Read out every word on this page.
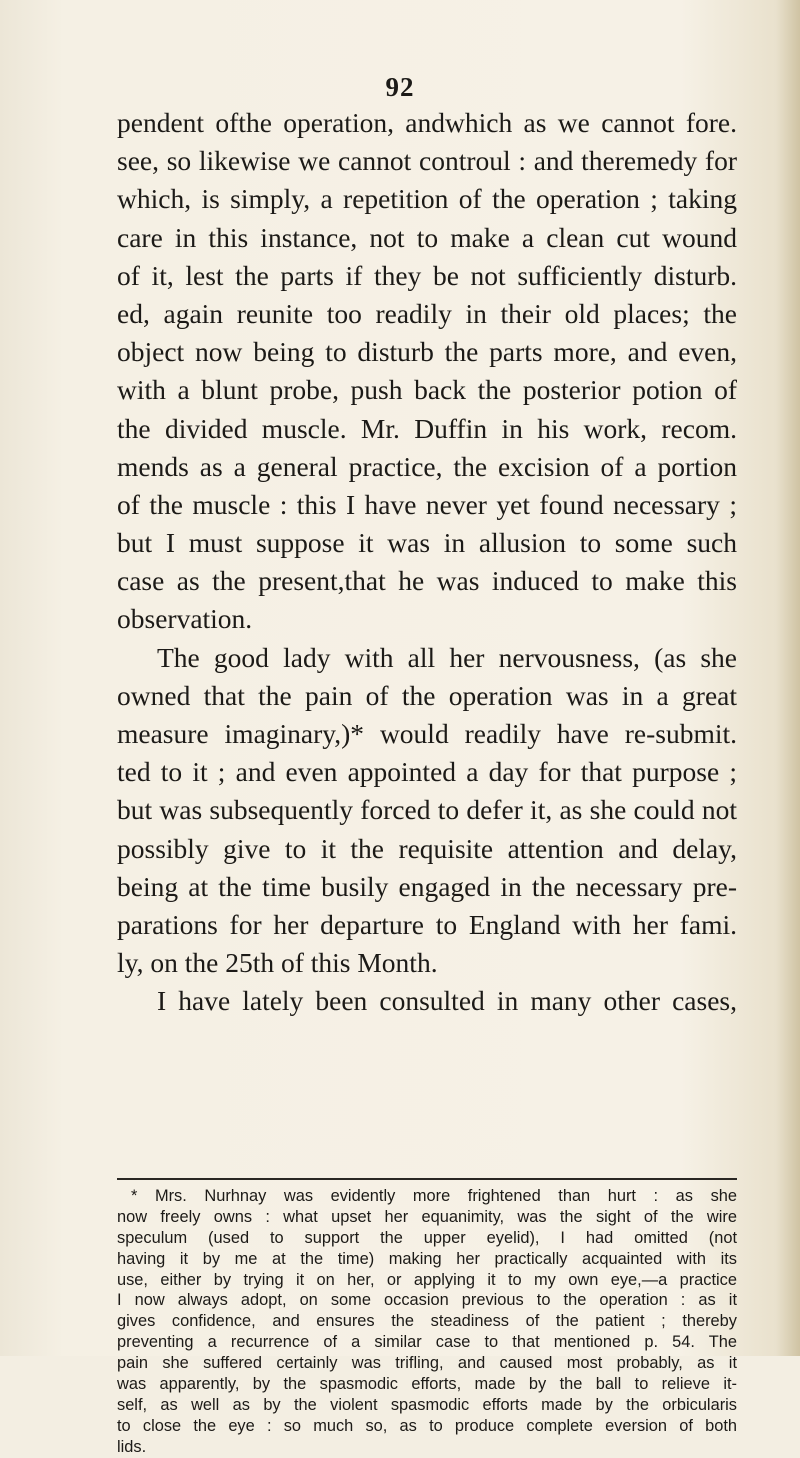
92
pendent ofthe operation, andwhich as we cannot fore.
see, so likewise we cannot controul : and theremedy for
which, is simply, a repetition of the operation ; taking
care in this instance, not to make a clean cut wound
of it, lest the parts if they be not sufficiently disturb.
ed, again reunite too readily in their old places; the
object now being to disturb the parts more, and even,
with a blunt probe, push back the posterior potion of
the divided muscle. Mr. Duffin in his work, recom.
mends as a general practice, the excision of a portion
of the muscle : this I have never yet found necessary ;
but I must suppose it was in allusion to some such
case as the present,that he was induced to make this
observation.
The good lady with all her nervousness, (as she
owned that the pain of the operation was in a great
measure imaginary,)* would readily have re-submit.
ted to it ; and even appointed a day for that purpose ;
but was subsequently forced to defer it, as she could not
possibly give to it the requisite attention and delay,
being at the time busily engaged in the necessary pre-
parations for her departure to England with her fami.
ly, on the 25th of this Month.
I have lately been consulted in many other cases,
* Mrs. Nurhnay was evidently more frightened than hurt : as she
now freely owns : what upset her equanimity, was the sight of the wire
speculum (used to support the upper eyelid), I had omitted (not
having it by me at the time) making her practically acquainted with its
use, either by trying it on her, or applying it to my own eye,—a practice
I now always adopt, on some occasion previous to the operation : as it
gives confidence, and ensures the steadiness of the patient ; thereby
preventing a recurrence of a similar case to that mentioned p. 54. The
pain she suffered certainly was trifling, and caused most probably, as it
was apparently, by the spasmodic efforts, made by the ball to relieve it-
self, as well as by the violent spasmodic efforts made by the orbicularis
to close the eye : so much so, as to produce complete eversion of both
lids.
